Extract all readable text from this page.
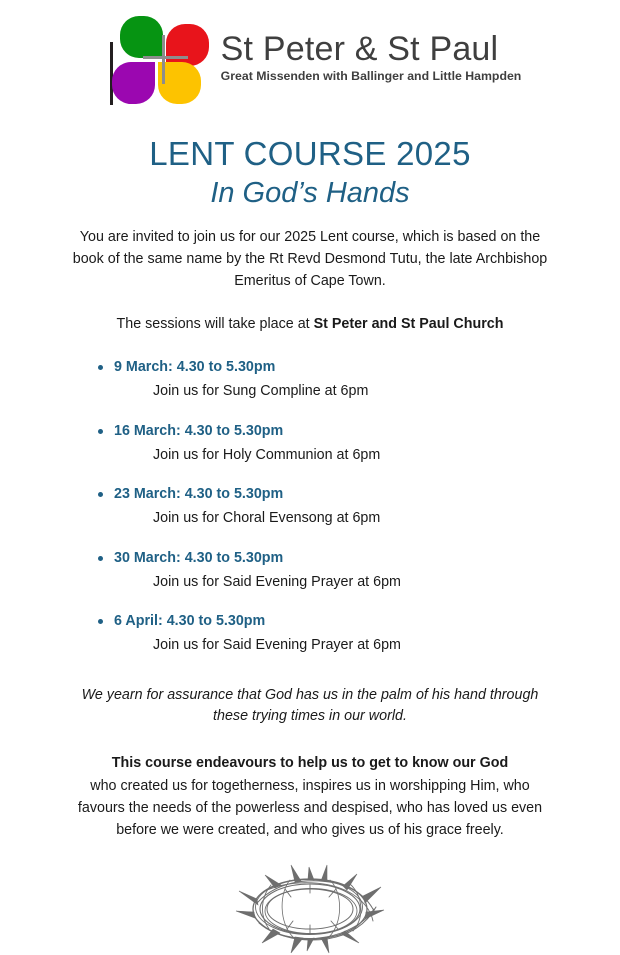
St Peter & St Paul
Great Missenden with Ballinger and Little Hampden
LENT COURSE 2025
In God’s Hands

You are invited to join us for our 2025 Lent course, which is based on the book of the same name by the Rt Revd Desmond Tutu, the late Archbishop Emeritus of Cape Town.

The sessions will take place at St Peter and St Paul Church

9 March: 4.30 to 5.30pm
Join us for Sung Compline at 6pm
16 March: 4.30 to 5.30pm
Join us for Holy Communion at 6pm
23 March: 4.30 to 5.30pm
Join us for Choral Evensong at 6pm
30 March: 4.30 to 5.30pm
Join us for Said Evening Prayer at 6pm
6 April: 4.30 to 5.30pm
Join us for Said Evening Prayer at 6pm

We yearn for assurance that God has us in the palm of his hand through these trying times in our world.

This course endeavours to help us to get to know our God
who created us for togetherness, inspires us in worshipping Him, who favours the needs of the powerless and despised, who has loved us even before we were created, and who gives us of his grace freely.
